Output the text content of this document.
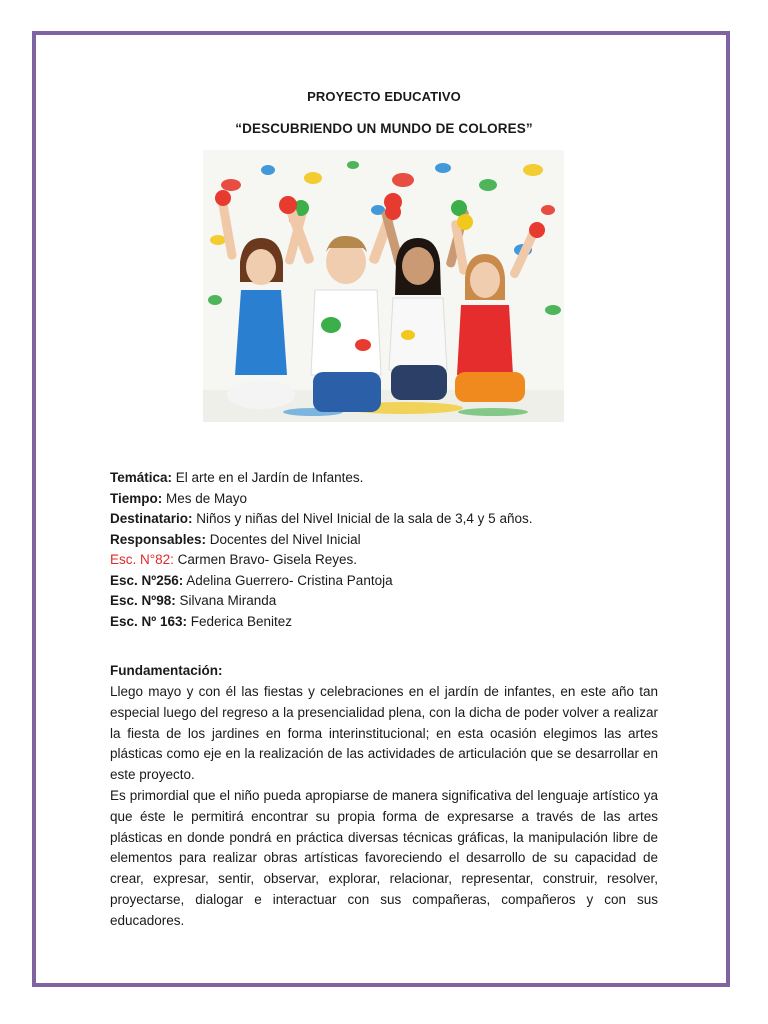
PROYECTO EDUCATIVO
“DESCUBRIENDO UN MUNDO DE COLORES”
Temática: El arte en el Jardín de Infantes.
Tiempo: Mes de Mayo
Destinatario: Niños y niñas del Nivel Inicial de la sala de 3,4 y 5 años.
Responsables: Docentes del Nivel Inicial
Esc. N°82: Carmen Bravo- Gisela Reyes.
Esc. Nº256: Adelina Guerrero- Cristina Pantoja
Esc. Nº98: Silvana Miranda
Esc. Nº 163: Federica Benitez
Fundamentación:

Llego mayo y con él las fiestas y celebraciones en el jardín de infantes, en este año tan especial luego del regreso a la presencialidad plena, con la dicha de poder volver a realizar la fiesta de los jardines en forma interinstitucional; en esta ocasión elegimos las artes plásticas como eje en la realización de las actividades de articulación que se desarrollar en este proyecto.

Es primordial que el niño pueda apropiarse de manera significativa del lenguaje artístico ya que éste le permitirá encontrar su propia forma de expresarse a través de las artes plásticas en donde pondrá en práctica diversas técnicas gráficas, la manipulación libre de elementos para realizar obras artísticas favoreciendo el desarrollo de su capacidad de crear, expresar, sentir, observar, explorar, relacionar, representar, construir, resolver, proyectarse, dialogar e interactuar con sus compañeras, compañeros y con sus educadores.
